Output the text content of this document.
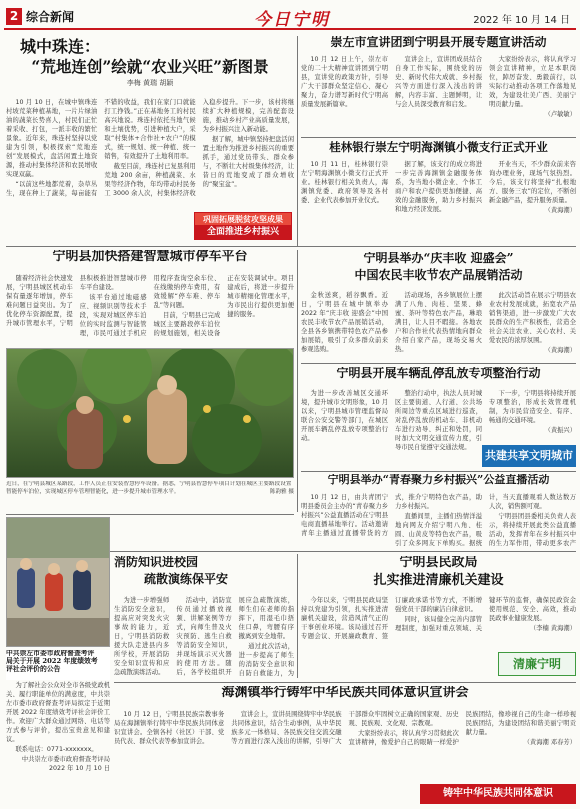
2 综合新闻	今日宁明	2022 年 10 月 14 日
城中珠连：
“荒地连创”绘就“农业兴旺”新图景
李梅 黄瑞 胡颖

10 月 10 日，在城中镇珠连村坡荒菜种植基地，一片片绿油油的蔬菜长势喜人，村民们正忙着采收、打包，一派丰收的繁忙景象。近年来，珠连村坚持以党建为引领，积极探索“荒地连创”发展模式，盘活闲置土地资源，推动村集体经济和农民增收实现双赢。

“以前这些地都荒着，杂草丛生，现在种上了蔬菜，每亩能有不错的收益，我们在家门口就能打工挣钱。”正在基地务工的村民高兴地说。珠连村依托当地气候和土壤优势，引进种植大户，采取“村集体+合作社+农户”的模式，统一规划、统一种植、统一销售，有效提升了土地利用率。

截至目前，珠连村已复垦利用荒地 200 余亩，种植蔬菜、水果等经济作物，年均带动村民务工 3000 余人次，村集体经济收入稳步提升。下一步，该村将继续扩大种植规模，完善配套设施，推动乡村产业高质量发展，为乡村振兴注入新动能。

据了解，城中镇坚持把盘活闲置土地作为推进乡村振兴的重要抓手，通过党员带头、群众参与，不断壮大村级集体经济，让昔日的荒地变成了群众增收的“聚宝盆”。

巩固拓展脱贫攻坚成果
全面推进乡村振兴
崇左市宣讲团到宁明县开展专题宣讲活动

10 月 12 日上午，崇左市党的二十大精神宣讲团到宁明县，宣讲党的政策方针，引导广大干部群众坚定信心、凝心聚力，奋力谱写新时代宁明高质量发展新篇章。

宣讲会上，宣讲团成员结合自身工作实际，围绕党的历史、新时代伟大成就、乡村振兴等方面进行深入浅出的讲解，内容丰富、主题鲜明，让与会人员深受教育和启发。

大家纷纷表示，将认真学习领会宣讲精神，立足本职岗位，踔厉奋发、勇毅前行，以实际行动推动各项工作落地见效，为建设壮美广西、美丽宁明贡献力量。

（卢敏敏）

桂林银行崇左宁明海渊镇小微支行正式开业

10 月 11 日，桂林银行崇左宁明海渊镇小微支行正式开业。桂林银行相关负责人，海渊镇党委、政府领导及各村委、企业代表参加开业仪式。

据了解，该支行的成立将进一步完善海渊镇金融服务体系，为当地小微企业、个体工商户和农户提供更加便捷、高效的金融服务，助力乡村振兴和地方经济发展。

开业当天，不少群众前来咨询办理业务，现场气氛热烈。今后，该支行将坚持“扎根地方、服务三农”的定位，不断创新金融产品，提升服务质量。

（黄海潮）

宁明县加快搭建智慧城市停车平台

随着经济社会快速发展，宁明县城区机动车保有量逐年增加，停车难问题日益突出。为了优化停车资源配置，提升城市管理水平，宁明县积极推进智慧城市停车平台建设。

该平台通过地磁感应、视频识别等技术手段，实现对城区停车泊位的实时监测与智能管理，市民可通过手机应用程序查询空余车位、在线缴纳停车费用，有效缓解“停车难、停车乱”等问题。

目前，宁明县已完成城区主要路段停车泊位的规划施划，相关设备正在安装调试中。项目建成后，将进一步提升城市精细化管理水平，为市民出行提供更加便捷的服务。

近日，在宁明县城区某路段，工作人员正在安装智慧停车设备。据悉，宁明县智慧停车项目计划在城区主要路段设置智能停车泊位，实现城区停车管理智能化，进一步提升城市管理水平。	陈韵雅 摄
宁明县举办“庆丰收 迎盛会”
中国农民丰收节农产品展销活动

金秋送爽，稻谷飘香。近日，宁明县在城中镇举办 2022 年“庆丰收 迎盛会”中国农民丰收节农产品展销活动，全县各乡镇携带特色农产品参加展销，吸引了众多群众前来参观选购。

活动现场，各乡镇展位上摆满了八角、肉桂、坚果、蜂蜜、茶叶等特色农产品，琳琅满目，让人目不暇接。各地农户和合作社代表热情地向群众介绍自家产品，现场交易火热。

此次活动旨在展示宁明县农业农村发展成就，拓宽农产品销售渠道，进一步激发广大农民群众的生产积极性，营造全社会关注农业、关心农村、关爱农民的浓厚氛围。

（黄海潮）

宁明县开展车辆乱停乱放专项整治行动

为进一步改善城区交通环境，提升城市文明形象，10 月以来，宁明县城市管理监督局联合公安交警等部门，在城区开展车辆乱停乱放专项整治行动。

整治行动中，执法人员对城区主要街道、人行道、公共场所周边等重点区域进行巡查，对乱停乱放的机动车、非机动车进行劝导、纠正和处罚，同时加大文明交通宣传力度，引导市民自觉遵守交通法规。

下一步，宁明县将持续开展专项整治，形成长效管理机制，为市民营造安全、有序、畅通的交通环境。

（黄振兴）

共建共享文明城市
宁明县举办“青春聚力乡村振兴”公益直播活动

10 月 12 日，由共青团宁明县委员会主办的“青春聚力乡村振兴”公益直播活动在宁明县电商直播基地举行。活动邀请青年主播通过直播带货的方式，推介宁明特色农产品，助力乡村振兴。

直播间里，主播们热情洋溢地向网友介绍宁明八角、桂圆、山黄皮等特色农产品，吸引了众多网友下单购买。据统计，当天直播观看人数达数万人次，销售额可观。

宁明县团县委相关负责人表示，将持续开展此类公益直播活动，发挥青年在乡村振兴中的生力军作用，带动更多农产

消防知识进校园
疏散演练保平安

为进一步增强师生消防安全意识，提高应对突发火灾事故的能力，近日，宁明县消防救援大队走进县内多所学校，开展消防安全知识宣传和应急疏散演练活动。

活动中，消防宣传员通过播放视频、讲解案例等方式，向师生普及火灾预防、逃生自救等消防安全知识，并现场演示灭火器的使用方法。随后，各学校组织开展应急疏散演练，师生们在老师的指挥下，用湿毛巾捂住口鼻，弯腰有序撤离到安全地带。

通过此次活动，进一步提高了师生的消防安全意识和自防自救能力，为

中共崇左市委市政府督查考评
局关于开展 2022 年度绩效考
评社会评价的公告

为了解社会公众对全市各级党政机关、履行职能单位的满意度，中共崇左市委市政府督查考评局拟定于近期开展 2022 年度绩效考评社会评价工作。欢迎广大群众通过网络、电话等方式参与评价，提出宝贵意见和建议。

联系电话：0771-xxxxxxx。

中共崇左市委市政府督查考评局 2022 年 10 月 10 日

宁明县民政局
扎实推进清廉机关建设

今年以来，宁明县民政局坚持以党建为引领，扎实推进清廉机关建设，营造风清气正的干事创业环境。该局通过召开专题会议、开展廉政教育、签订廉政承诺书等方式，不断增强党员干部的廉洁自律意识。

同时，该局健全完善内部管理制度，加强对重点领域、关键环节的监督，确保民政资金使用规范、安全、高效，推动民政事业健康发展。

（李楠 黄海潮）

清廉宁明
海渊镇举行铸牢中华民族共同体意识宣讲会

10 月 12 日，宁明县民族宗教事务局在海渊镇举行铸牢中华民族共同体意识宣讲会。全镇各村（社区）干部、党员代表、群众代表等参加宣讲会。

宣讲会上，宣讲员围绕铸牢中华民族共同体意识，结合生动事例，从中华民族多元一体格局、各民族交往交流交融等方面进行深入浅出的讲解，引导广大干部群众牢固树立正确的国家观、历史观、民族观、文化观、宗教观。

大家纷纷表示，将认真学习贯彻此次宣讲精神，像爱护自己的眼睛一样爱护民族团结，像珍视自己的生命一样珍视民族团结，为建设团结和谐美丽宁明贡献力量。

（黄海潮 邓春芳）

铸牢中华民族共同体意识
